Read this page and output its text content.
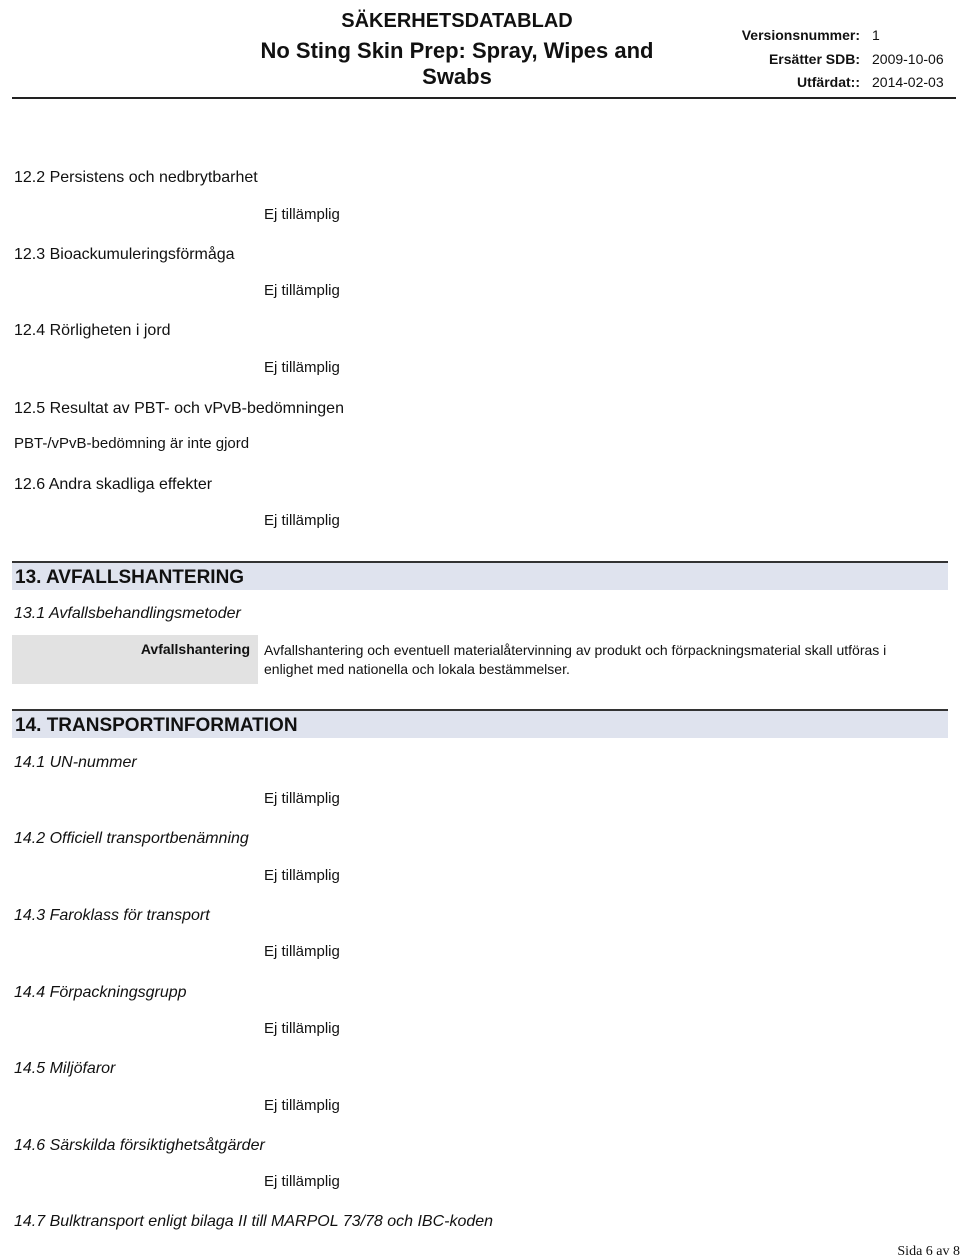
SÄKERHETSDATABLAD
No Sting Skin Prep: Spray, Wipes and
Swabs
Versionsnummer: 1
Ersätter SDB: 2009-10-06
Utfärdat:: 2014-02-03
12.2 Persistens och nedbrytbarhet
Ej tillämplig
12.3 Bioackumuleringsförmåga
Ej tillämplig
12.4 Rörligheten i jord
Ej tillämplig
12.5 Resultat av PBT- och vPvB-bedömningen
PBT-/vPvB-bedömning är inte gjord
12.6 Andra skadliga effekter
Ej tillämplig
13. AVFALLSHANTERING
13.1 Avfallsbehandlingsmetoder
Avfallshantering	Avfallshantering och eventuell materialåtervinning av produkt och förpackningsmaterial skall utföras i
enlighet med nationella och lokala bestämmelser.
14. TRANSPORTINFORMATION
14.1 UN-nummer
Ej tillämplig
14.2 Officiell transportbenämning
Ej tillämplig
14.3 Faroklass för transport
Ej tillämplig
14.4 Förpackningsgrupp
Ej tillämplig
14.5 Miljöfaror
Ej tillämplig
14.6 Särskilda försiktighetsåtgärder
Ej tillämplig
14.7 Bulktransport enligt bilaga II till MARPOL 73/78 och IBC-koden
Sida 6 av 8
